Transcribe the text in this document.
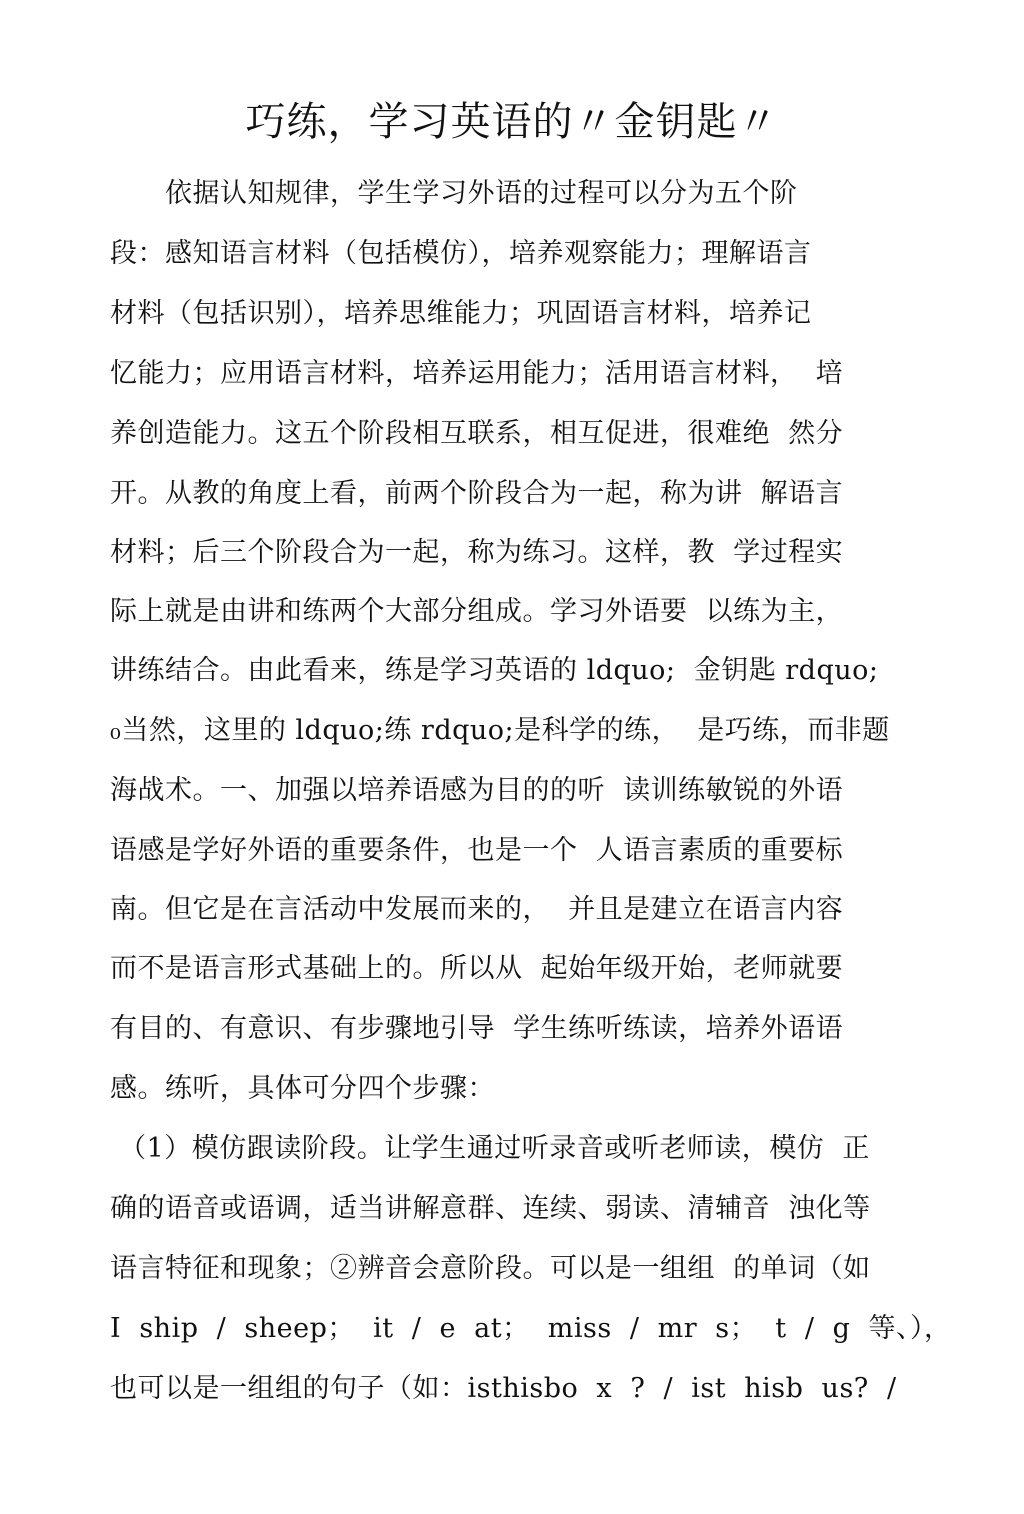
巧练，学习英语的〃金钥匙〃
　　依据认知规律，学生学习外语的过程可以分为五个阶
段：感知语言材料（包括模仿），培养观察能力；理解语言
材料（包括识别），培养思维能力；巩固语言材料，培养记
忆能力；应用语言材料，培养运用能力；活用语言材料，  培
养创造能力。这五个阶段相互联系，相互促进，很难绝  然分
开。从教的角度上看，前两个阶段合为一起，称为讲  解语言
材料；后三个阶段合为一起，称为练习。这样，教  学过程实
际上就是由讲和练两个大部分组成。学习外语要  以练为主，
讲练结合。由此看来，练是学习英语的 ldquo;  金钥匙 rdquo;
₀当然，这里的 ldquo;练 rdquo;是科学的练，  是巧练，而非题
海战术。一、加强以培养语感为目的的听  读训练敏锐的外语
语感是学好外语的重要条件，也是一个  人语言素质的重要标
南。但它是在言活动中发展而来的，  并且是建立在语言内容
而不是语言形式基础上的。所以从  起始年级开始，老师就要
有目的、有意识、有步骤地引导  学生练听练读，培养外语语
感。练听，具体可分四个步骤：
（1）模仿跟读阶段。让学生通过听录音或听老师读，模仿  正
确的语音或语调，适当讲解意群、连续、弱读、清辅音  浊化等
语言特征和现象；②辨音会意阶段。可以是一组组  的单词（如
I  ship  /  sheep；  it  /  e  at；  miss  /  mr  s；  t  /  g  等、），
也可以是一组组的句子（如：isthisbo  x  ?  /  ist  hisb  us?  /
